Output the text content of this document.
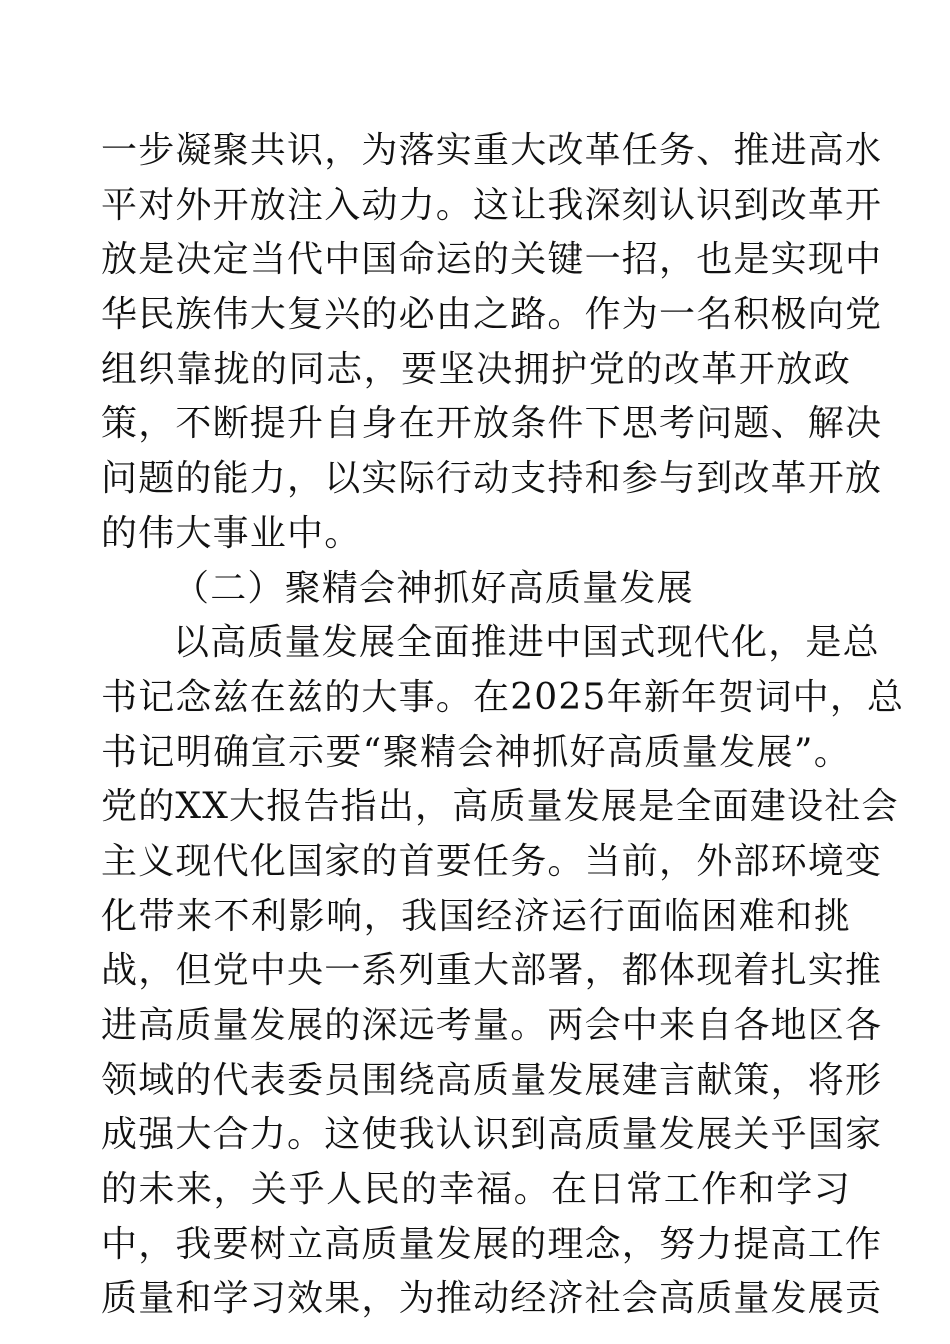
一步凝聚共识，为落实重大改革任务、推进高水
平对外开放注入动力。这让我深刻认识到改革开
放是决定当代中国命运的关键一招，也是实现中
华民族伟大复兴的必由之路。作为一名积极向党
组织靠拢的同志，要坚决拥护党的改革开放政
策，不断提升自身在开放条件下思考问题、解决
问题的能力，以实际行动支持和参与到改革开放
的伟大事业中。
（二）聚精会神抓好高质量发展
以高质量发展全面推进中国式现代化，是总
书记念兹在兹的大事。在2025年新年贺词中，总
书记明确宣示要“聚精会神抓好高质量发展”。
党的XX大报告指出，高质量发展是全面建设社会
主义现代化国家的首要任务。当前，外部环境变
化带来不利影响，我国经济运行面临困难和挑
战，但党中央一系列重大部署，都体现着扎实推
进高质量发展的深远考量。两会中来自各地区各
领域的代表委员围绕高质量发展建言献策，将形
成强大合力。这使我认识到高质量发展关乎国家
的未来，关乎人民的幸福。在日常工作和学习
中，我要树立高质量发展的理念，努力提高工作
质量和学习效果，为推动经济社会高质量发展贡
